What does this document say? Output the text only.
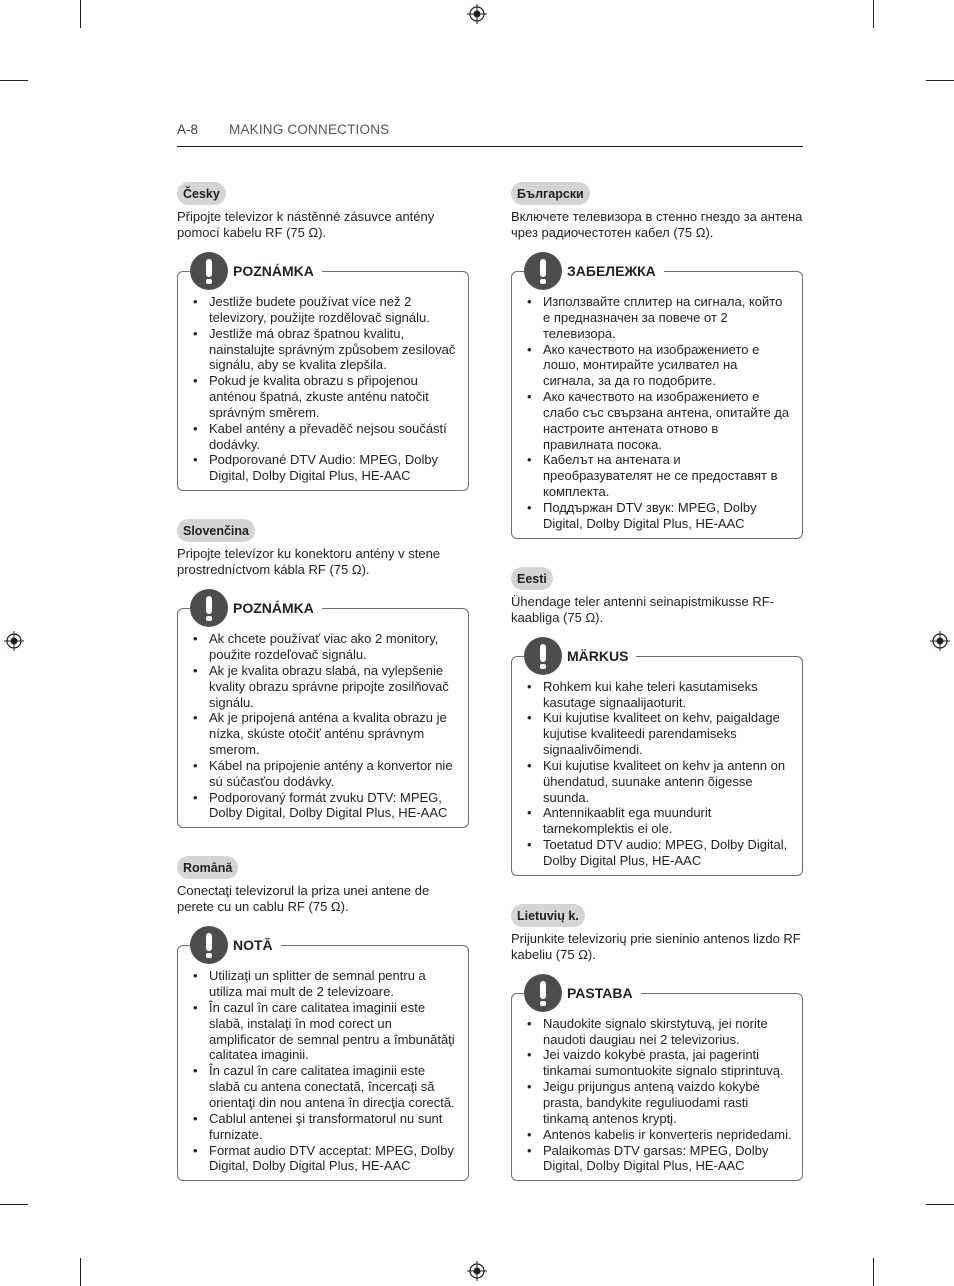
A-8 MAKING CONNECTIONS
Česky
Připojte televizor k nástěnné zásuvce antény pomocí kabelu RF (75 Ω).
POZNÁMKA
• Jestliže budete používat více než 2 televizory, použijte rozdělovač signálu.
• Jestliže má obraz špatnou kvalitu, nainstalujte správným způsobem zesilovač signálu, aby se kvalita zlepšila.
• Pokud je kvalita obrazu s připojenou anténou špatná, zkuste anténu natočit správným směrem.
• Kabel antény a převaděč nejsou součástí dodávky.
• Podporované DTV Audio: MPEG, Dolby Digital, Dolby Digital Plus, HE-AAC
Slovenčina
Pripojte televízor ku konektoru antény v stene prostredníctvom kábla RF (75 Ω).
POZNÁMKA
• Ak chcete používať viac ako 2 monitory, použite rozdeľovač signálu.
• Ak je kvalita obrazu slabá, na vylepšenie kvality obrazu správne pripojte zosilňovač signálu.
• Ak je pripojená anténa a kvalita obrazu je nízka, skúste otočiť anténu správnym smerom.
• Kábel na pripojenie antény a konvertor nie sú súčasťou dodávky.
• Podporovaný formát zvuku DTV: MPEG, Dolby Digital, Dolby Digital Plus, HE-AAC
Română
Conectaţi televizorul la priza unei antene de perete cu un cablu RF (75 Ω).
NOTĂ
• Utilizaţi un splitter de semnal pentru a utiliza mai mult de 2 televizoare.
• În cazul în care calitatea imaginii este slabă, instalaţi în mod corect un amplificator de semnal pentru a îmbunătăţi calitatea imaginii.
• În cazul în care calitatea imaginii este slabă cu antena conectată, încercaţi să orientaţi din nou antena în direcţia corectă.
• Cablul antenei şi transformatorul nu sunt furnizate.
• Format audio DTV acceptat: MPEG, Dolby Digital, Dolby Digital Plus, HE-AAC
Български
Включете телевизора в стенно гнездо за антена чрез радиочестотен кабел (75 Ω).
ЗАБЕЛЕЖКА
• Използвайте сплитер на сигнала, който е предназначен за повече от 2 телевизора.
• Ако качеството на изображението е лошо, монтирайте усилвател на сигнала, за да го подобрите.
• Ако качеството на изображението е слабо със свързана антена, опитайте да настроите антената отново в правилната посока.
• Кабелът на антената и преобразувателят не се предоставят в комплекта.
• Поддържан DTV звук: MPEG, Dolby Digital, Dolby Digital Plus, HE-AAC
Eesti
Ühendage teler antenni seinapistmikusse RF-kaabliga (75 Ω).
MÄRKUS
• Rohkem kui kahe teleri kasutamiseks kasutage signaalijaoturit.
• Kui kujutise kvaliteet on kehv, paigaldage kujutise kvaliteedi parendamiseks signaalivõimendi.
• Kui kujutise kvaliteet on kehv ja antenn on ühendatud, suunake antenn õigesse suunda.
• Antennikaablit ega muundurit tarnekomplektis ei ole.
• Toetatud DTV audio: MPEG, Dolby Digital, Dolby Digital Plus, HE-AAC
Lietuvių k.
Prijunkite televizorių prie sieninio antenos lizdo RF kabeliu (75 Ω).
PASTABA
• Naudokite signalo skirstytuvą, jei norite naudoti daugiau nei 2 televizorius.
• Jei vaizdo kokybė prasta, jai pagerinti tinkamai sumontuokite signalo stiprintuvą.
• Jeigu prijungus anteną vaizdo kokybė prasta, bandykite reguliuodami rasti tinkamą antenos kryptį.
• Antenos kabelis ir konverteris nepridedami.
• Palaikomas DTV garsas: MPEG, Dolby Digital, Dolby Digital Plus, HE-AAC
